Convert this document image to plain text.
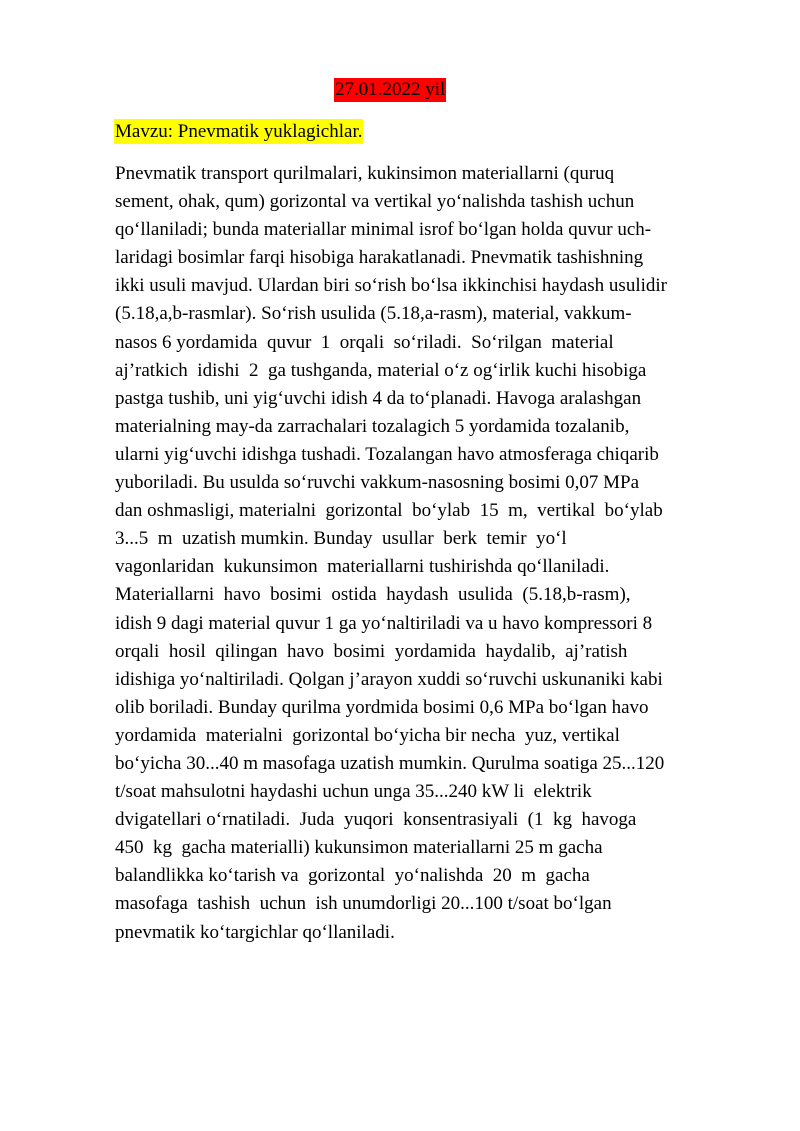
27.01.2022 yil
Mavzu: Pnevmatik yuklagichlar.
Pnevmatik transport qurilmalari, kukinsimon materiallarni (quruq
sement, ohak, qum) gorizontal va vertikal yo‘nalishda tashish uchun
qo‘llaniladi; bunda materiallar minimal isrof bo‘lgan holda quvur uch-
laridagi bosimlar farqi hisobiga harakatlanadi. Pnevmatik tashishning
ikki usuli mavjud. Ulardan biri so‘rish bo‘lsa ikkinchisi haydash usulidir
(5.18,a,b-rasmlar). So‘rish usulida (5.18,a-rasm), material, vakkum-
nasos 6 yordamida  quvur  1  orqali  so‘riladi.  So‘rilgan  material
aj’ratkich  idishi  2  ga tushganda, material o‘z og‘irlik kuchi hisobiga
pastga tushib, uni yig‘uvchi idish 4 da to‘planadi. Havoga aralashgan
materialning may-da zarrachalari tozalagich 5 yordamida tozalanib,
ularni yig‘uvchi idishga tushadi. Tozalangan havo atmosferaga chiqarib
yuboriladi. Bu usulda so‘ruvchi vakkum-nasosning bosimi 0,07 MPa
dan oshmasligi, materialni  gorizontal  bo‘ylab  15  m,  vertikal  bo‘ylab
3...5  m  uzatish mumkin. Bunday  usullar  berk  temir  yo‘l
vagonlaridan  kukunsimon  materiallarni tushirishda qo‘llaniladi.
Materiallarni  havo  bosimi  ostida  haydash  usulida  (5.18,b-rasm),
idish 9 dagi material quvur 1 ga yo‘naltiriladi va u havo kompressori 8
orqali  hosil  qilingan  havo  bosimi  yordamida  haydalib,  aj’ratish
idishiga yo‘naltiriladi. Qolgan j’arayon xuddi so‘ruvchi uskunaniki kabi
olib boriladi. Bunday qurilma yordmida bosimi 0,6 MPa bo‘lgan havo
yordamida  materialni  gorizontal bo‘yicha bir necha  yuz, vertikal
bo‘yicha 30...40 m masofaga uzatish mumkin. Qurulma soatiga 25...120
t/soat mahsulotni haydashi uchun unga 35...240 kW li  elektrik
dvigatellari o‘rnatiladi.  Juda  yuqori  konsentrasiyali  (1  kg  havoga
450  kg  gacha materialli) kukunsimon materiallarni 25 m gacha
balandlikka ko‘tarish va  gorizontal  yo‘nalishda  20  m  gacha
masofaga  tashish  uchun  ish unumdorligi 20...100 t/soat bo‘lgan
pnevmatik ko‘targichlar qo‘llaniladi.
